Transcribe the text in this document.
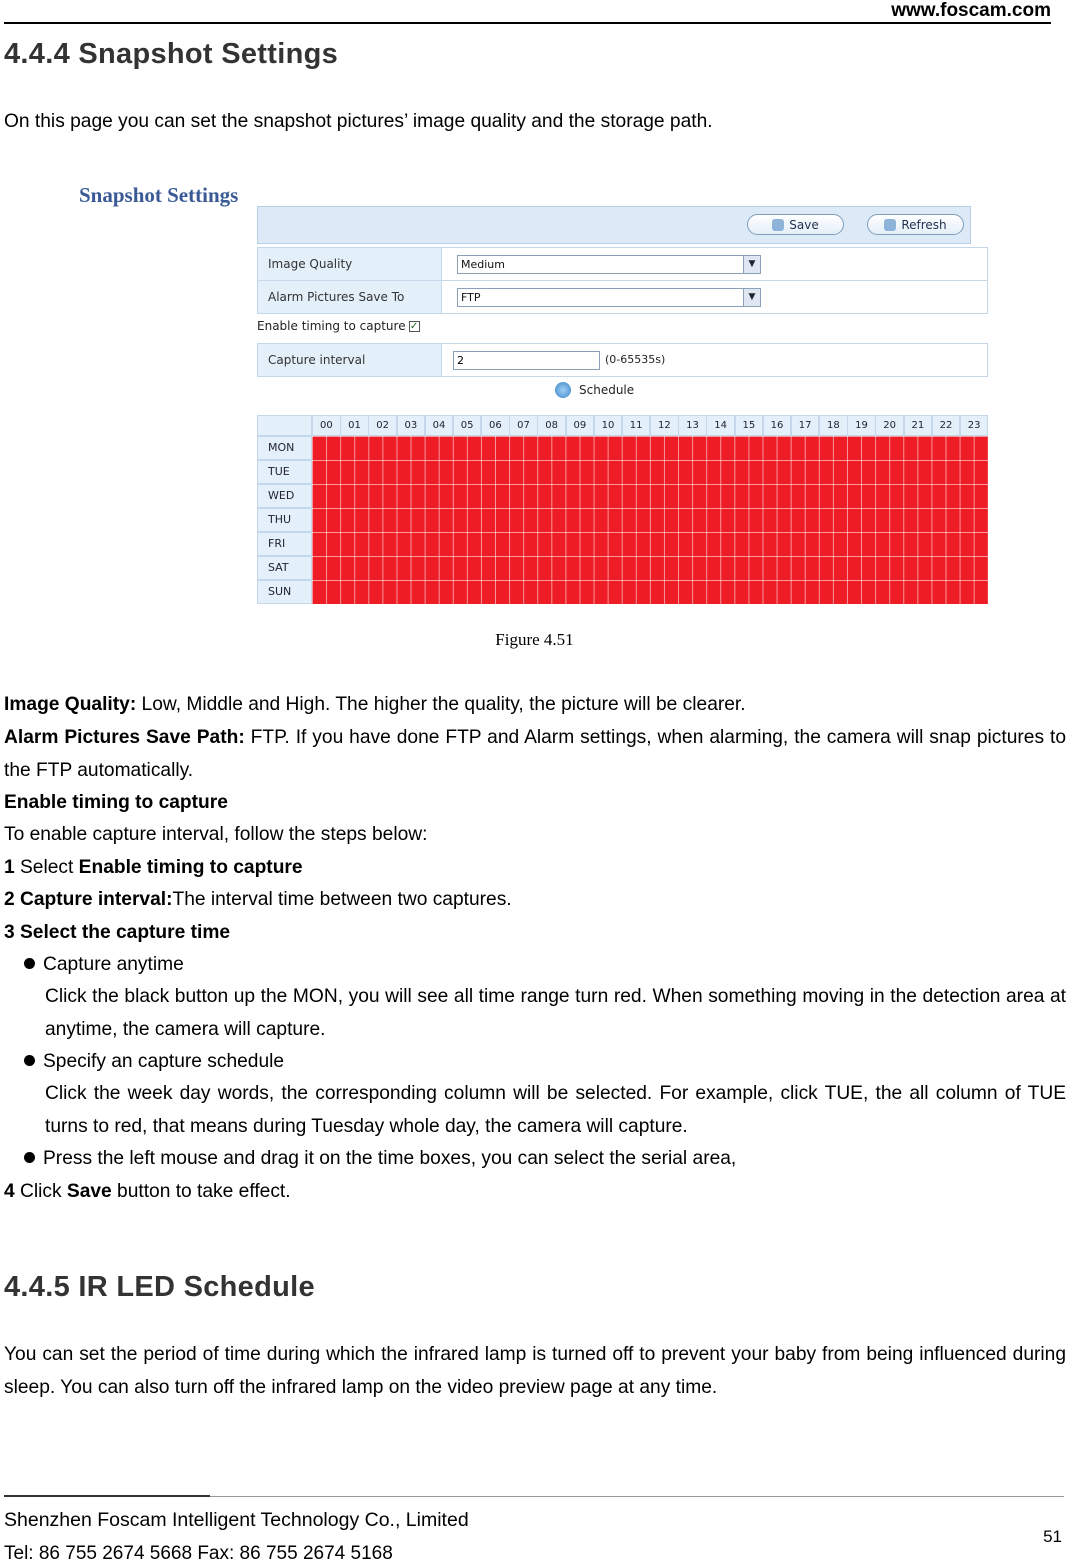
www.foscam.com
4.4.4 Snapshot Settings
On this page you can set the snapshot pictures’ image quality and the storage path.
Snapshot Settings
Save	Refresh
Image Quality	Medium	▼
Alarm Pictures Save To	FTP	▼
Enable timing to capture ✓
Capture interval	2	(0-65535s)
Schedule
00	01	02	03	04	05	06	07	08	09	10	11	12	13	14	15	16	17	18	19	20	21	22	23
MON
TUE
WED
THU
FRI
SAT
SUN
Figure 4.51
Image Quality: Low, Middle and High. The higher the quality, the picture will be clearer.
Alarm Pictures Save Path: FTP. If you have done FTP and Alarm settings, when alarming, the camera will snap pictures to the FTP automatically.
Enable timing to capture
To enable capture interval, follow the steps below:
1 Select Enable timing to capture
2 Capture interval:The interval time between two captures.
3 Select the capture time
Capture anytime
Click the black button up the MON, you will see all time range turn red. When something moving in the detection area at anytime, the camera will capture.
Specify an capture schedule
Click the week day words, the corresponding column will be selected. For example, click TUE, the all column of TUE turns to red, that means during Tuesday whole day, the camera will capture.
Press the left mouse and drag it on the time boxes, you can select the serial area,
4 Click Save button to take effect.
4.4.5 IR LED Schedule
You can set the period of time during which the infrared lamp is turned off to prevent your baby from being influenced during sleep. You can also turn off the infrared lamp on the video preview page at any time.
Shenzhen Foscam Intelligent Technology Co., Limited
Tel: 86 755 2674 5668 Fax: 86 755 2674 5168
51
